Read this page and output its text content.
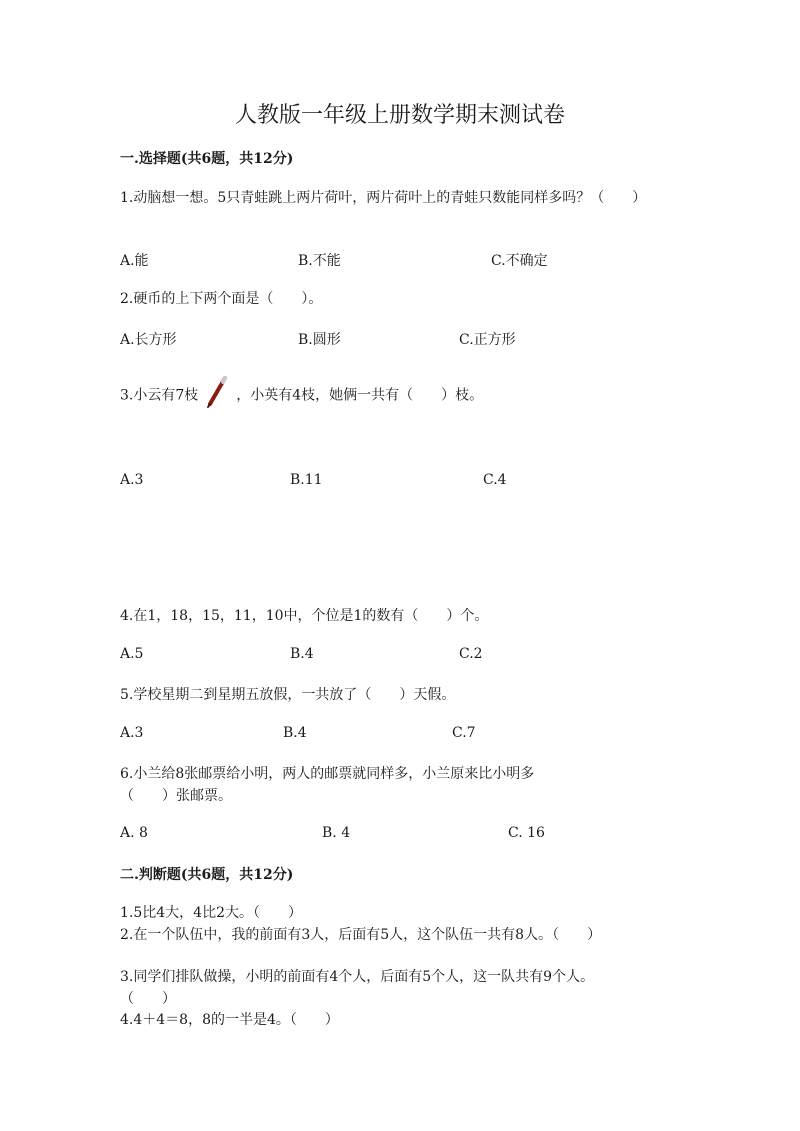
人教版一年级上册数学期末测试卷
一.选择题(共6题，共12分)
1.动脑想一想。5只青蛙跳上两片荷叶，两片荷叶上的青蛙只数能同样多吗？（　　）
A.能	B.不能	C.不确定
2.硬币的上下两个面是（　　）。
A.长方形	B.圆形	C.正方形
3.小云有7枝	，小英有4枝，她俩一共有（　　）枝。
A.3	B.11	C.4
4.在1，18，15，11，10中，个位是1的数有（　　）个。
A.5	B.4	C.2
5.学校星期二到星期五放假，一共放了（　　）天假。
A.3	B.4	C.7
6.小兰给8张邮票给小明，两人的邮票就同样多，小兰原来比小明多（　　）张邮票。
A. 8	B. 4	C. 16
二.判断题(共6题，共12分)
1.5比4大，4比2大。（　　）
2.在一个队伍中，我的前面有3人，后面有5人，这个队伍一共有8人。（　　）
3.同学们排队做操，小明的前面有4个人，后面有5个人，这一队共有9个人。　　　　（　　）
4.4＋4＝8，8的一半是4。（　　）
